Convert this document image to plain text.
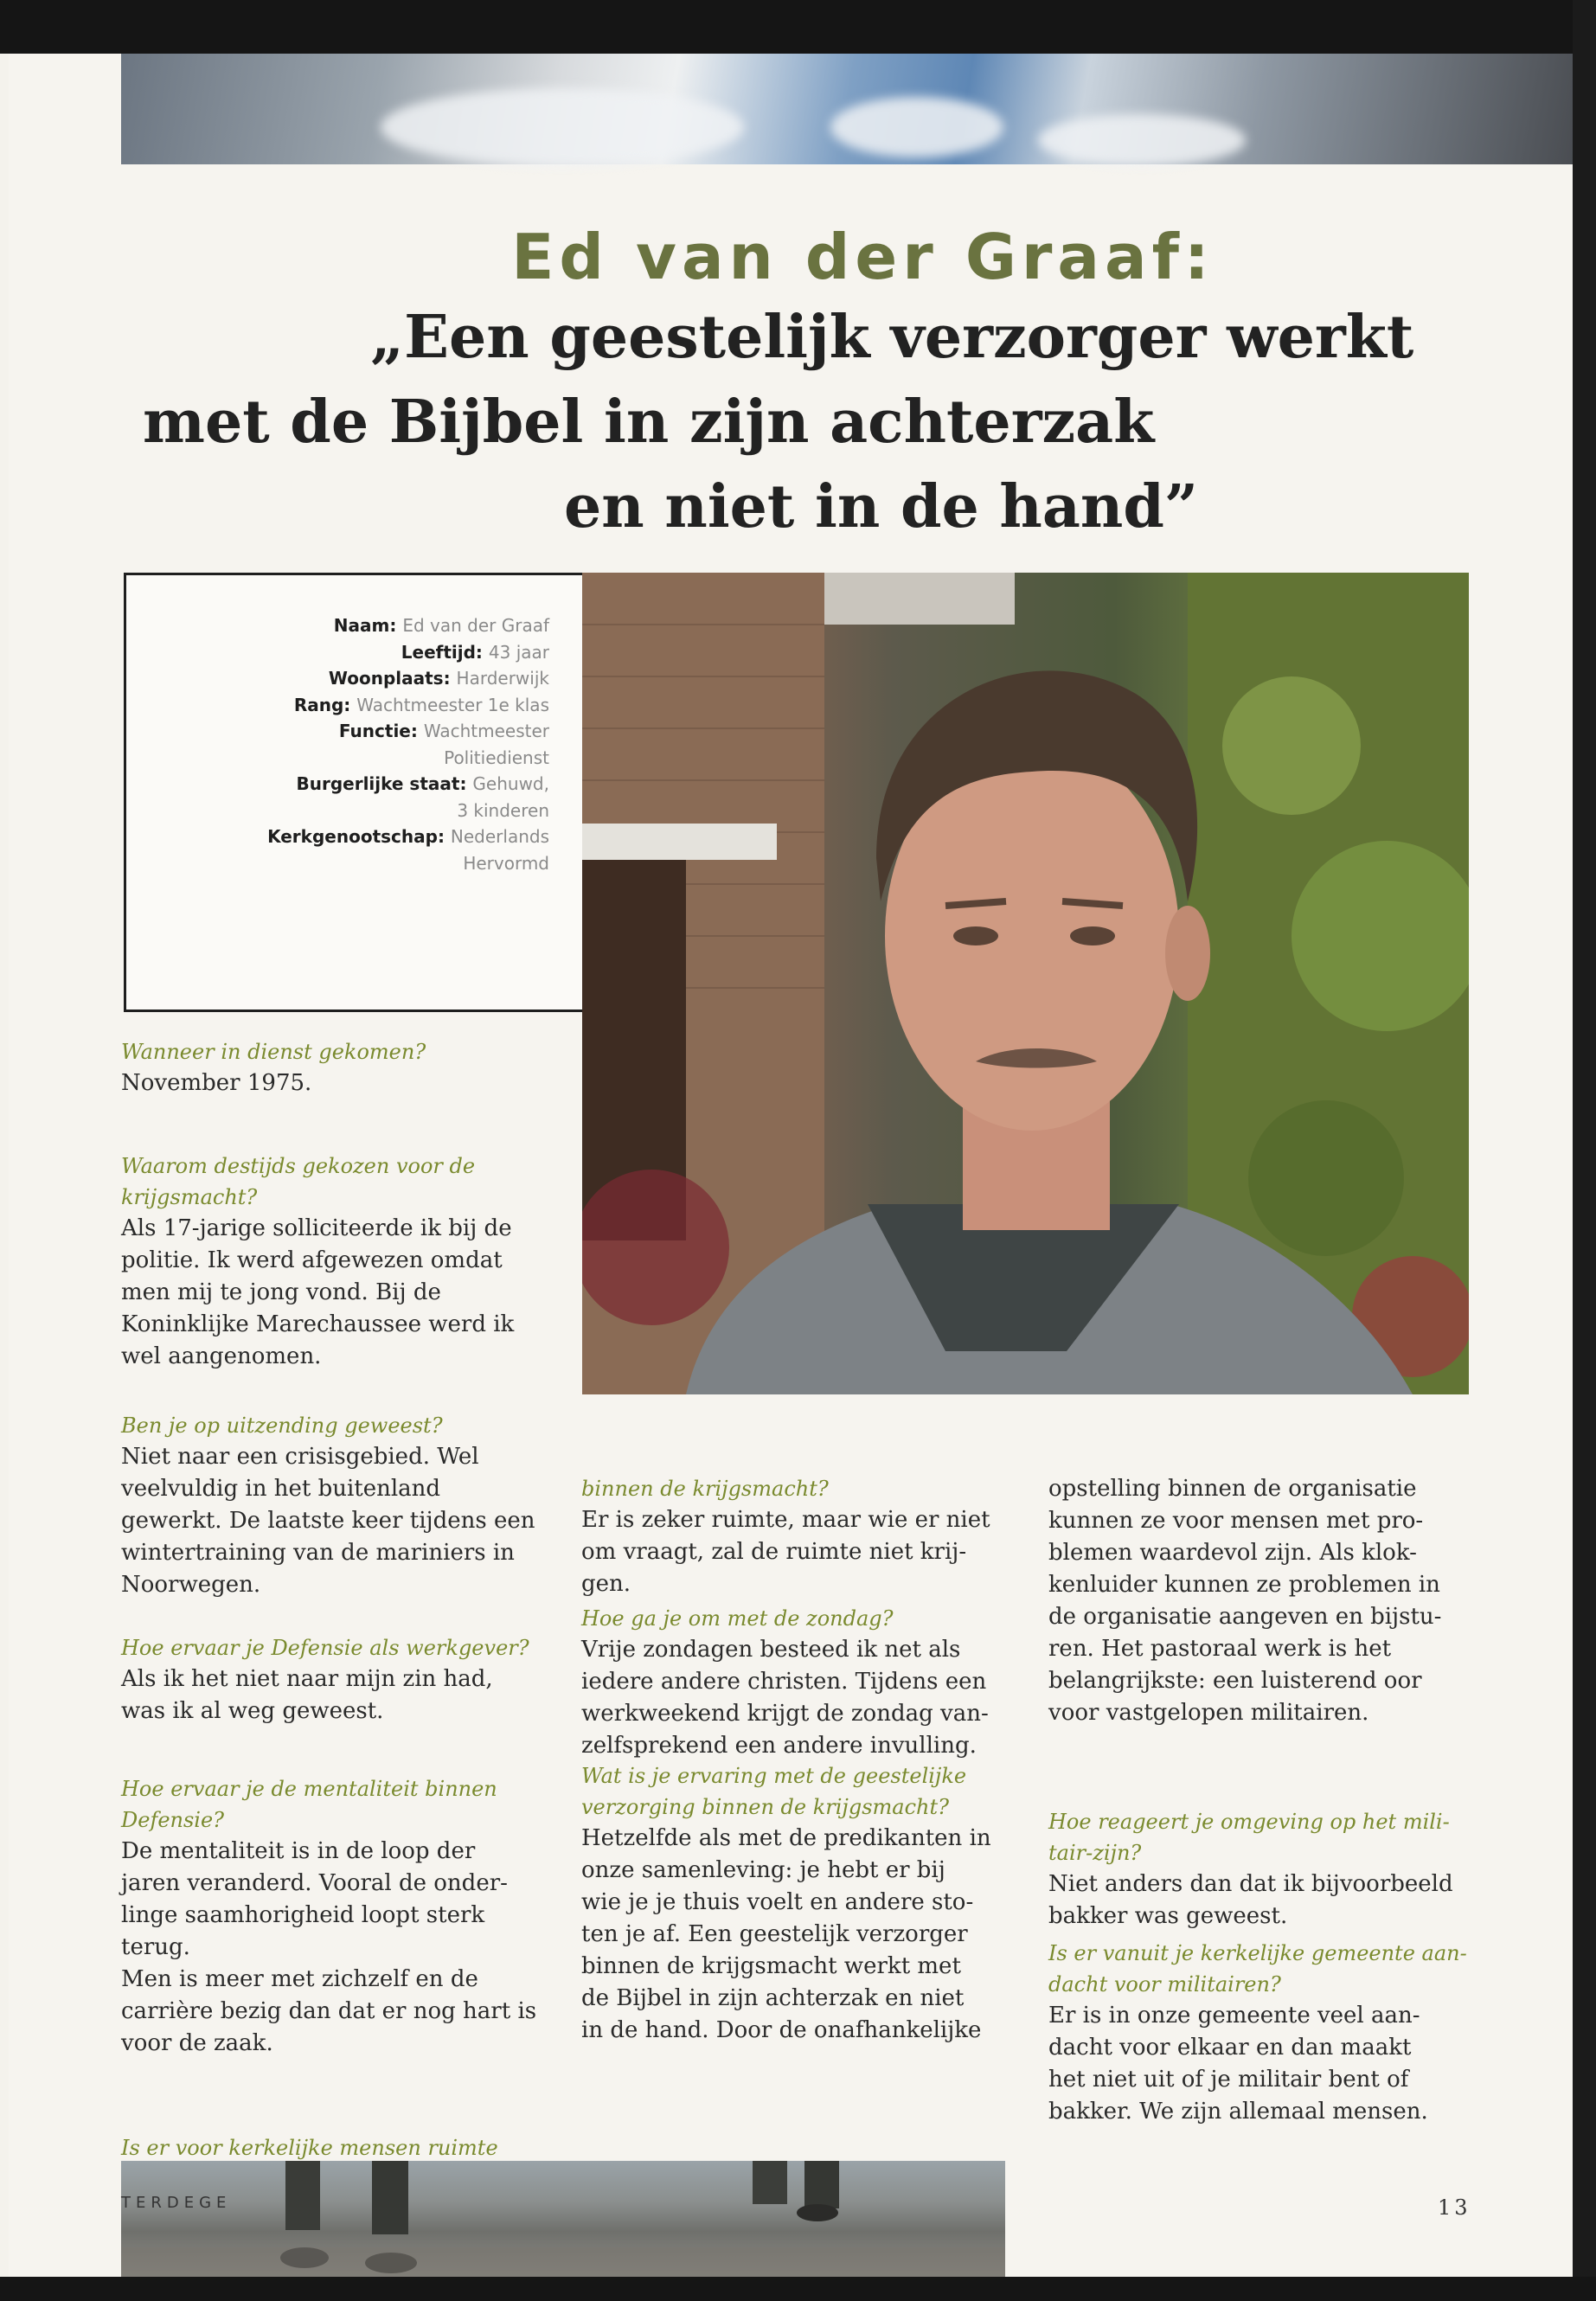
Ed van der Graaf:
„Een geestelijk verzorger werkt
met de Bijbel in zijn achterzak
en niet in de hand”
Naam: Ed van der Graaf
Leeftijd: 43 jaar
Woonplaats: Harderwijk
Rang: Wachtmeester 1e klas
Functie: Wachtmeester
Politiedienst
Burgerlijke staat: Gehuwd,
3 kinderen
Kerkgenootschap: Nederlands
Hervormd
Wanneer in dienst gekomen?
November 1975.
Waarom destijds gekozen voor de
krijgsmacht?
Als 17-jarige solliciteerde ik bij de
politie. Ik werd afgewezen omdat
men mij te jong vond. Bij de
Koninklijke Marechaussee werd ik
wel aangenomen.
Ben je op uitzending geweest?
Niet naar een crisisgebied. Wel
veelvuldig in het buitenland
gewerkt. De laatste keer tijdens een
wintertraining van de mariniers in
Noorwegen.
Hoe ervaar je Defensie als werkgever?
Als ik het niet naar mijn zin had,
was ik al weg geweest.
Hoe ervaar je de mentaliteit binnen
Defensie?
De mentaliteit is in de loop der
jaren veranderd. Vooral de onder-
linge saamhorigheid loopt sterk
terug.
Men is meer met zichzelf en de
carrière bezig dan dat er nog hart is
voor de zaak.
Is er voor kerkelijke mensen ruimte
binnen de krijgsmacht?
Er is zeker ruimte, maar wie er niet
om vraagt, zal de ruimte niet krij-
gen.
Hoe ga je om met de zondag?
Vrije zondagen besteed ik net als
iedere andere christen. Tijdens een
werkweekend krijgt de zondag van-
zelfsprekend een andere invulling.
Wat is je ervaring met de geestelijke
verzorging binnen de krijgsmacht?
Hetzelfde als met de predikanten in
onze samenleving: je hebt er bij
wie je je thuis voelt en andere sto-
ten je af. Een geestelijk verzorger
binnen de krijgsmacht werkt met
de Bijbel in zijn achterzak en niet
in de hand. Door de onafhankelijke
opstelling binnen de organisatie
kunnen ze voor mensen met pro-
blemen waardevol zijn. Als klok-
kenluider kunnen ze problemen in
de organisatie aangeven en bijstu-
ren. Het pastoraal werk is het
belangrijkste: een luisterend oor
voor vastgelopen militairen.
Hoe reageert je omgeving op het mili-
tair-zijn?
Niet anders dan dat ik bijvoorbeeld
bakker was geweest.
Is er vanuit je kerkelijke gemeente aan-
dacht voor militairen?
Er is in onze gemeente veel aan-
dacht voor elkaar en dan maakt
het niet uit of je militair bent of
bakker. We zijn allemaal mensen.
TERDEGE	13
